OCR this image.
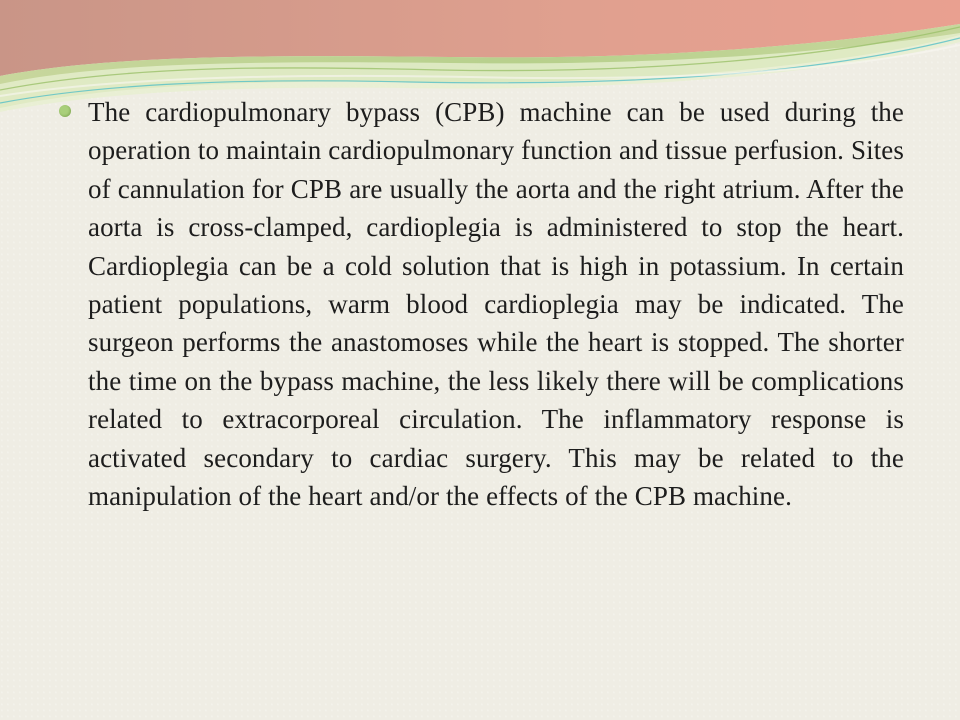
The cardiopulmonary bypass (CPB) machine can be used during the operation to maintain cardiopulmonary function and tissue perfusion. Sites of cannulation for CPB are usually the aorta and the right atrium. After the aorta is cross-clamped, cardioplegia is administered to stop the heart. Cardioplegia can be a cold solution that is high in potassium. In certain patient populations, warm blood cardioplegia may be indicated. The surgeon performs the anastomoses while the heart is stopped. The shorter the time on the bypass machine, the less likely there will be complications related to extracorporeal circulation. The inflammatory response is activated secondary to cardiac surgery. This may be related to the manipulation of the heart and/or the effects of the CPB machine.
